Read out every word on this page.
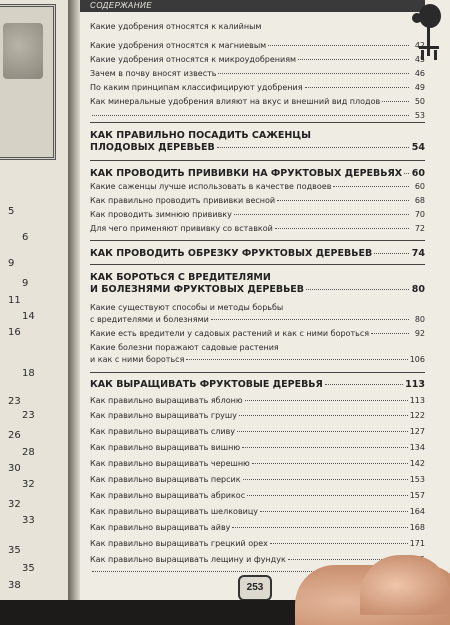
5
6
9
9
11
14
16
18
23
23
26
28
30
32
32
33
35
35
38
СОДЕРЖАНИЕ
Какие удобрения относятся к калийным
Какие удобрения относятся к магниевым	42
Какие удобрения относятся к микроудобрениям	45
Зачем в почву вносят известь	46
По каким принципам классифицируют удобрения	49
Как минеральные удобрения влияют на вкус и внешний вид плодов	50
53
КАК ПРАВИЛЬНО ПОСАДИТЬ САЖЕНЦЫ
ПЛОДОВЫХ ДЕРЕВЬЕВ	54
КАК ПРОВОДИТЬ ПРИВИВКИ НА ФРУКТОВЫХ ДЕРЕВЬЯХ 60
Какие саженцы лучше использовать в качестве подвоев	60
Как правильно проводить прививки весной	68
Как проводить зимнюю прививку	70
Для чего применяют прививку со вставкой	72
КАК ПРОВОДИТЬ ОБРЕЗКУ ФРУКТОВЫХ ДЕРЕВЬЕВ	74
КАК БОРОТЬСЯ С ВРЕДИТЕЛЯМИ
И БОЛЕЗНЯМИ ФРУКТОВЫХ ДЕРЕВЬЕВ	80
Какие существуют способы и методы борьбы
с вредителями и болезнями	80
Какие есть вредители у садовых растений и как с ними бороться	92
Какие болезни поражают садовые растения
и как с ними бороться	106
КАК ВЫРАЩИВАТЬ ФРУКТОВЫЕ ДЕРЕВЬЯ	113
Как правильно выращивать яблоню	113
Как правильно выращивать грушу	122
Как правильно выращивать сливу	127
Как правильно выращивать вишню	134
Как правильно выращивать черешню	142
Как правильно выращивать персик	153
Как правильно выращивать абрикос	157
Как правильно выращивать шелковицу	164
Как правильно выращивать айву	168
Как правильно выращивать грецкий орех	171
Как правильно выращивать лещину и фундук
253
